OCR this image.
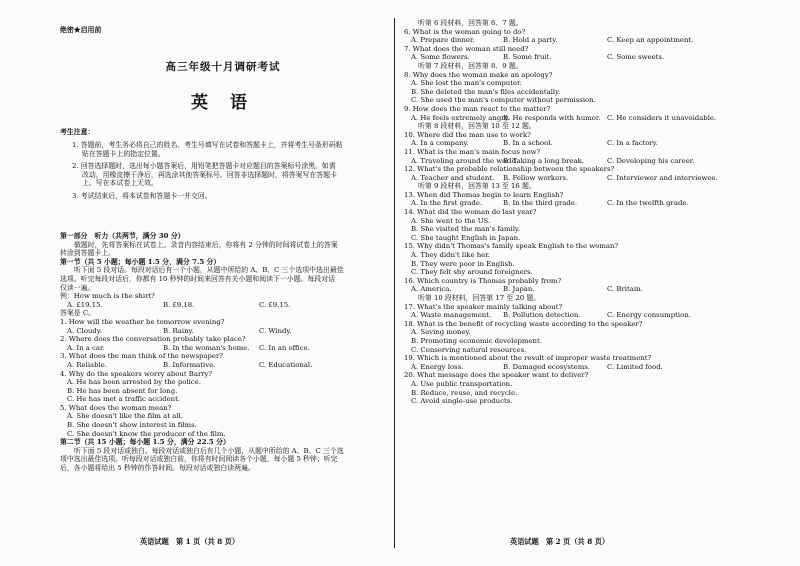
绝密★启用前
高三年级十月调研考试
英 语
考生注意：
1. 答题前，考生务必将自己的姓名、考生号填写在试卷和答题卡上，并将考生号条形码粘
贴在答题卡上的指定位置。
2. 回答选择题时，选出每小题答案后，用铅笔把答题卡对应题目的答案标号涂黑。如需
改动，用橡皮擦干净后，再选涂其他答案标号。回答非选择题时，将答案写在答题卡
上。写在本试卷上无效。
3. 考试结束后，将本试卷和答题卡一并交回。
第一部分　听力（共两节，满分 30 分）
做题时，先将答案标在试卷上。录音内容结束后，你将有 2 分钟的时间将试卷上的答案
转涂到答题卡上。
第一节（共 5 小题；每小题 1.5 分，满分 7.5 分）
听下面 5 段对话。每段对话后有一个小题，从题中所给的 A、B、C 三个选项中选出最佳
选项。听完每段对话后，你都有 10 秒钟的时间来回答有关小题和阅读下一小题。每段对话
仅读一遍。
例：How much is the shirt?
A. £19.15.	B. £9.18.	C. £9.15.
答案是 C。
1. How will the weather be tomorrow evening?
A. Cloudy.	B. Rainy.	C. Windy.
2. Where does the conversation probably take place?
A. In a car.	B. In the woman's home.	C. In an office.
3. What does the man think of the newspaper?
A. Reliable.	B. Informative.	C. Educational.
4. Why do the speakers worry about Barry?
A. He has been arrested by the police.
B. He has been absent for long.
C. He has met a traffic accident.
5. What does the woman mean?
A. She doesn't like the film at all.
B. She doesn't show interest in films.
C. She doesn't know the producer of the film.
第二节（共 15 小题；每小题 1.5 分，满分 22.5 分）
听下面 5 段对话或独白。每段对话或独白后有几个小题，从题中所给的 A、B、C 三个选
项中选出最佳选项。听每段对话或独白前，你将有时间阅读各个小题，每小题 5 秒钟；听完
后，各小题将给出 5 秒钟的作答时间。每段对话或独白读两遍。
英语试题　第 1 页（共 8 页）
听第 6 段材料，回答第 6、7 题。
6. What is the woman going to do?
A. Prepare dinner.	B. Hold a party.	C. Keep an appointment.
7. What does the woman still need?
A. Some flowers.	B. Some fruit.	C. Some sweets.
听第 7 段材料，回答第 8、9 题。
8. Why does the woman make an apology?
A. She lost the man's computer.
B. She deleted the man's files accidentally.
C. She used the man's computer without permission.
9. How does the man react to the matter?
A. He feels extremely angry.
B. He responds with humor. C. He considers it unavoidable.
听第 8 段材料，回答第 10 至 12 题。
10. Where did the man use to work?
A. In a company.	B. In a school.	C. In a factory.
11. What is the man's main focus now?
A. Traveling around the world.
B. Taking a long break.	C. Developing his career.
12. What's the probable relationship between the speakers?
A. Teacher and student.	B. Fellow workers.	C. Interviewer and interviewee.
听第 9 段材料，回答第 13 至 16 题。
13. When did Thomas begin to learn English?
A. In the first grade.	B. In the third grade.	C. In the twelfth grade.
14. What did the woman do last year?
A. She went to the US.
B. She visited the man's family.
C. She taught English in Japan.
15. Why didn't Thomas's family speak English to the woman?
A. They didn't like her.
B. They were poor in English.
C. They felt shy around foreigners.
16. Which country is Thomas probably from?
A. America.	B. Japan.	C. Britain.
听第 10 段材料，回答第 17 至 20 题。
17. What's the speaker mainly talking about?
A. Waste management.	B. Pollution detection.	C. Energy consumption.
18. What is the benefit of recycling waste according to the speaker?
A. Saving money.
B. Promoting economic development.
C. Conserving natural resources.
19. Which is mentioned about the result of improper waste treatment?
A. Energy loss.	B. Damaged ecosystems.	C. Limited food.
20. What message does the speaker want to deliver?
A. Use public transportation.
B. Reduce, reuse, and recycle.
C. Avoid single-use products.
英语试题　第 2 页（共 8 页）
